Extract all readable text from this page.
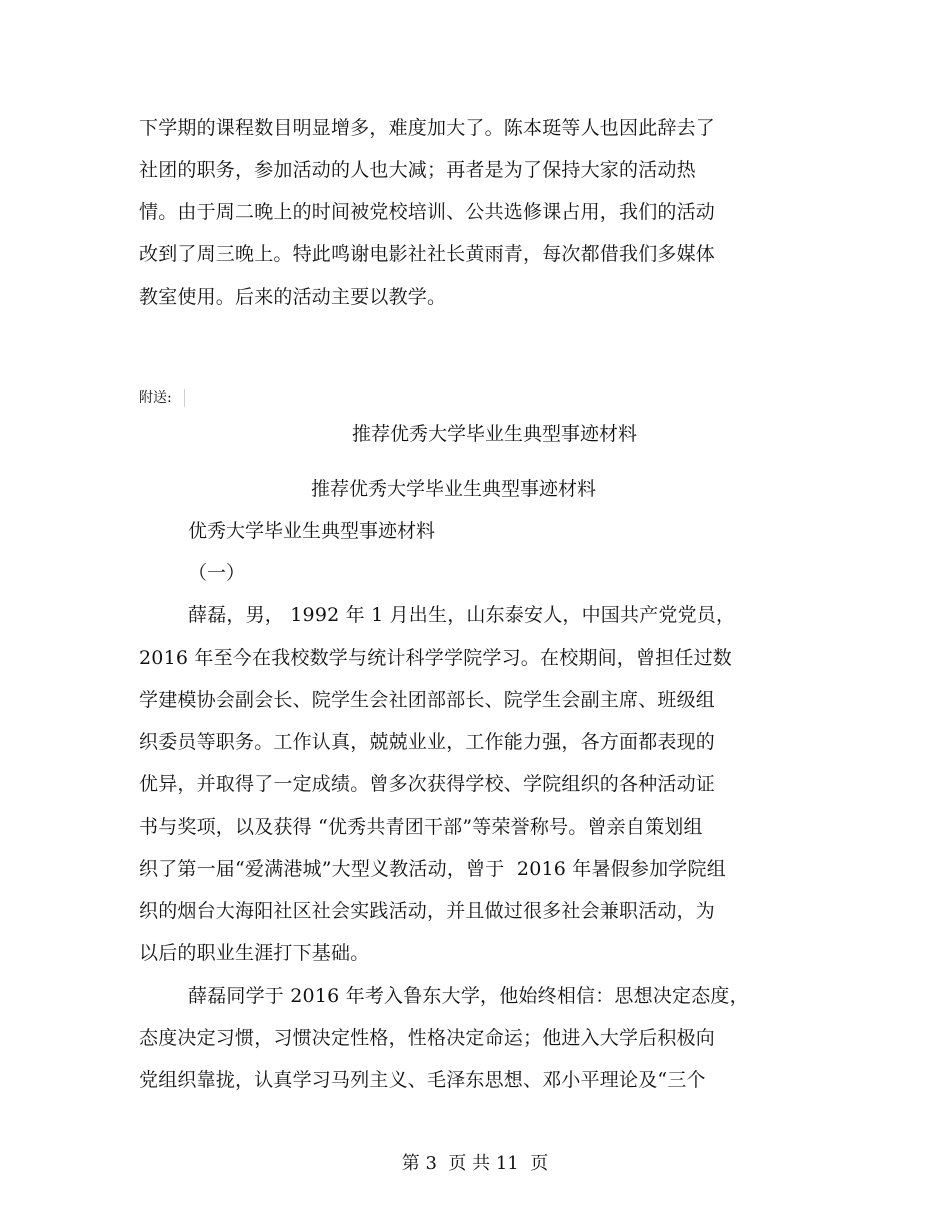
下学期的课程数目明显增多，难度加大了。陈本珽等人也因此辞去了
社团的职务，参加活动的人也大减；再者是为了保持大家的活动热
情。由于周二晚上的时间被党校培训、公共选修课占用，我们的活动
改到了周三晚上。特此鸣谢电影社社长黄雨青，每次都借我们多媒体
教室使用。后来的活动主要以教学。
附送:
推荐优秀大学毕业生典型事迹材料
推荐优秀大学毕业生典型事迹材料
优秀大学毕业生典型事迹材料
（一）
薛磊，男， 1992 年 1 月出生，山东泰安人，中国共产党党员，
2016 年至今在我校数学与统计科学学院学习。在校期间，曾担任过数
学建模协会副会长、院学生会社团部部长、院学生会副主席、班级组
织委员等职务。工作认真，兢兢业业，工作能力强，各方面都表现的
优异，并取得了一定成绩。曾多次获得学校、学院组织的各种活动证
书与奖项，以及获得 “优秀共青团干部”等荣誉称号。曾亲自策划组
织了第一届“爱满港城”大型义教活动，曾于  2016 年暑假参加学院组
织的烟台大海阳社区社会实践活动，并且做过很多社会兼职活动，为
以后的职业生涯打下基础。
薛磊同学于 2016 年考入鲁东大学，他始终相信：思想决定态度，
态度决定习惯，习惯决定性格，性格决定命运；他进入大学后积极向
党组织靠拢，认真学习马列主义、毛泽东思想、邓小平理论及“三个
第 3  页 共 11  页
